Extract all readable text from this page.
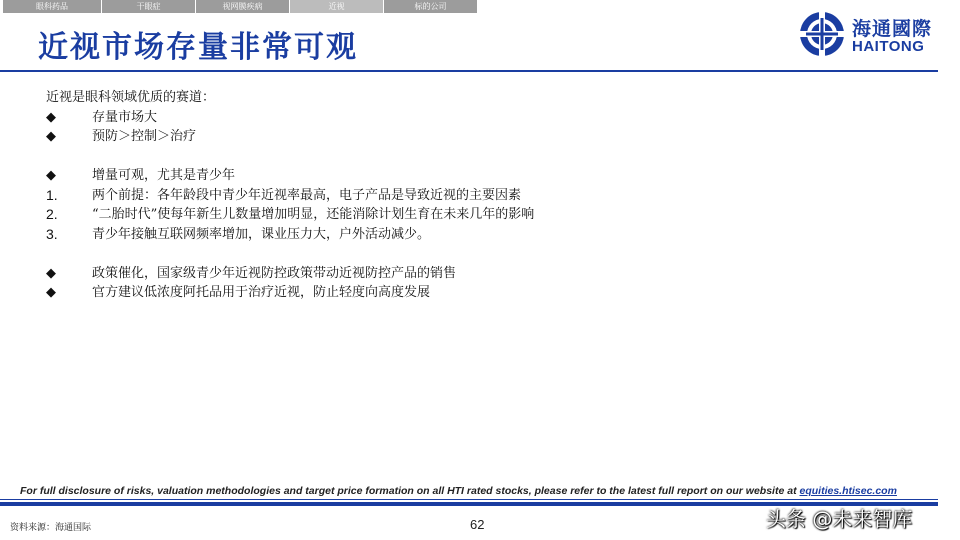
眼科药品	干眼症	视网膜疾病	近视	标的公司
近视市场存量非常可观
海通國際
HAITONG
近视是眼科领域优质的赛道：
◆	存量市场大
◆	预防＞控制＞治疗
◆	增量可观，尤其是青少年
1.	两个前提：各年龄段中青少年近视率最高，电子产品是导致近视的主要因素
2.	“二胎时代”使每年新生儿数量增加明显，还能消除计划生育在未来几年的影响
3.	青少年接触互联网频率增加，课业压力大，户外活动减少。
◆	政策催化，国家级青少年近视防控政策带动近视防控产品的销售
◆	官方建议低浓度阿托品用于治疗近视，防止轻度向高度发展
For full disclosure of risks, valuation methodologies and target price formation on all HTI rated stocks, please refer to the latest full report on our website at equities.htisec.com
资料来源：海通国际	62	头条 @未来智库
